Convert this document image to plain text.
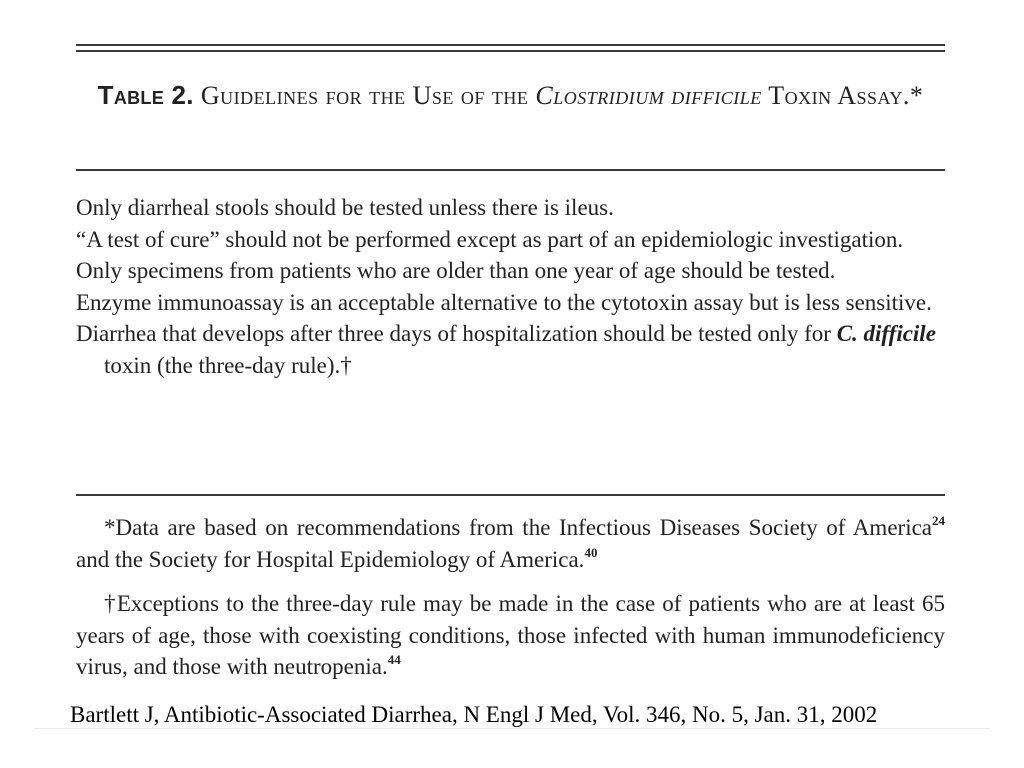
Table 2. Guidelines for the Use of the Clostridium difficile Toxin Assay.*
Only diarrheal stools should be tested unless there is ileus.
“A test of cure” should not be performed except as part of an epidemiologic investigation.
Only specimens from patients who are older than one year of age should be tested.
Enzyme immunoassay is an acceptable alternative to the cytotoxin assay but is less sensitive.
Diarrhea that develops after three days of hospitalization should be tested only for C. difficile toxin (the three-day rule).†

*Data are based on recommendations from the Infectious Diseases Society of America$^{24}$ and the Society for Hospital Epidemiology of America.$^{40}$

†Exceptions to the three-day rule may be made in the case of patients who are at least 65 years of age, those with coexisting conditions, those infected with human immunodeficiency virus, and those with neutropenia.$^{44}$

Bartlett J, Antibiotic-Associated Diarrhea, N Engl J Med, Vol. 346, No. 5, Jan. 31, 2002
